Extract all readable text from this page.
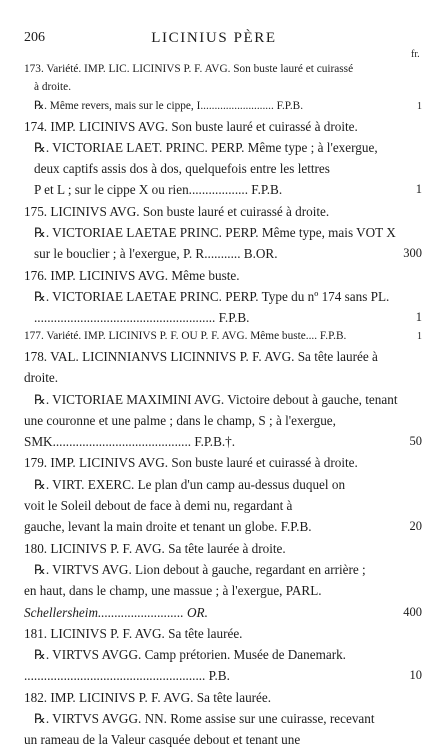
206	LICINIUS PÈRE
fr.
173. Variété. IMP. LIC. LICINIVS P. F. AVG. Son buste lauré et cuirassé
à droite.
℞. Même revers, mais sur le cippe, I.......................... F.P.B.	1
174. IMP. LICINIVS AVG. Son buste lauré et cuirassé à droite.
℞. VICTORIAE LAET. PRINC. PERP. Même type ; à l'exergue,
deux captifs assis dos à dos, quelquefois entre les lettres
P et L ; sur le cippe X ou rien.................. F.P.B.	1
175. LICINIVS AVG. Son buste lauré et cuirassé à droite.
℞. VICTORIAE LAETAE PRINC. PERP. Même type, mais VOT X
sur le bouclier ; à l'exergue, P. R........... B.OR.	300
176. IMP. LICINIVS AVG. Même buste.
℞. VICTORIAE LAETAE PRINC. PERP. Type du nº 174 sans PL.
....................................................... F.P.B.	1
177. Variété. IMP. LICINIVS P. F. OU P. F. AVG. Même buste.... F.P.B.	1
178. VAL. LICINNIANVS LICINNIVS P. F. AVG. Sa tête laurée à
droite.
℞. VICTORIAE MAXIMINI AVG. Victoire debout à gauche, tenant
une couronne et une palme ; dans le champ, S ; à l'exergue,
SMK.......................................... F.P.B.†.	50
179. IMP. LICINIVS AVG. Son buste lauré et cuirassé à droite.
℞. VIRT. EXERC. Le plan d'un camp au-dessus duquel on
voit le Soleil debout de face à demi nu, regardant à
gauche, levant la main droite et tenant un globe. F.P.B.	20
180. LICINIVS P. F. AVG. Sa tête laurée à droite.
℞. VIRTVS AVG. Lion debout à gauche, regardant en arrière ;
en haut, dans le champ, une massue ; à l'exergue, PARL.
Schellersheim.......................... OR.	400
181. LICINIVS P. F. AVG. Sa tête laurée.
℞. VIRTVS AVGG. Camp prétorien. Musée de Danemark.
....................................................... P.B.	10
182. IMP. LICINIVS P. F. AVG. Sa tête laurée.
℞. VIRTVS AVGG. NN. Rome assise sur une cuirasse, recevant
un rameau de la Valeur casquée debout et tenant une
